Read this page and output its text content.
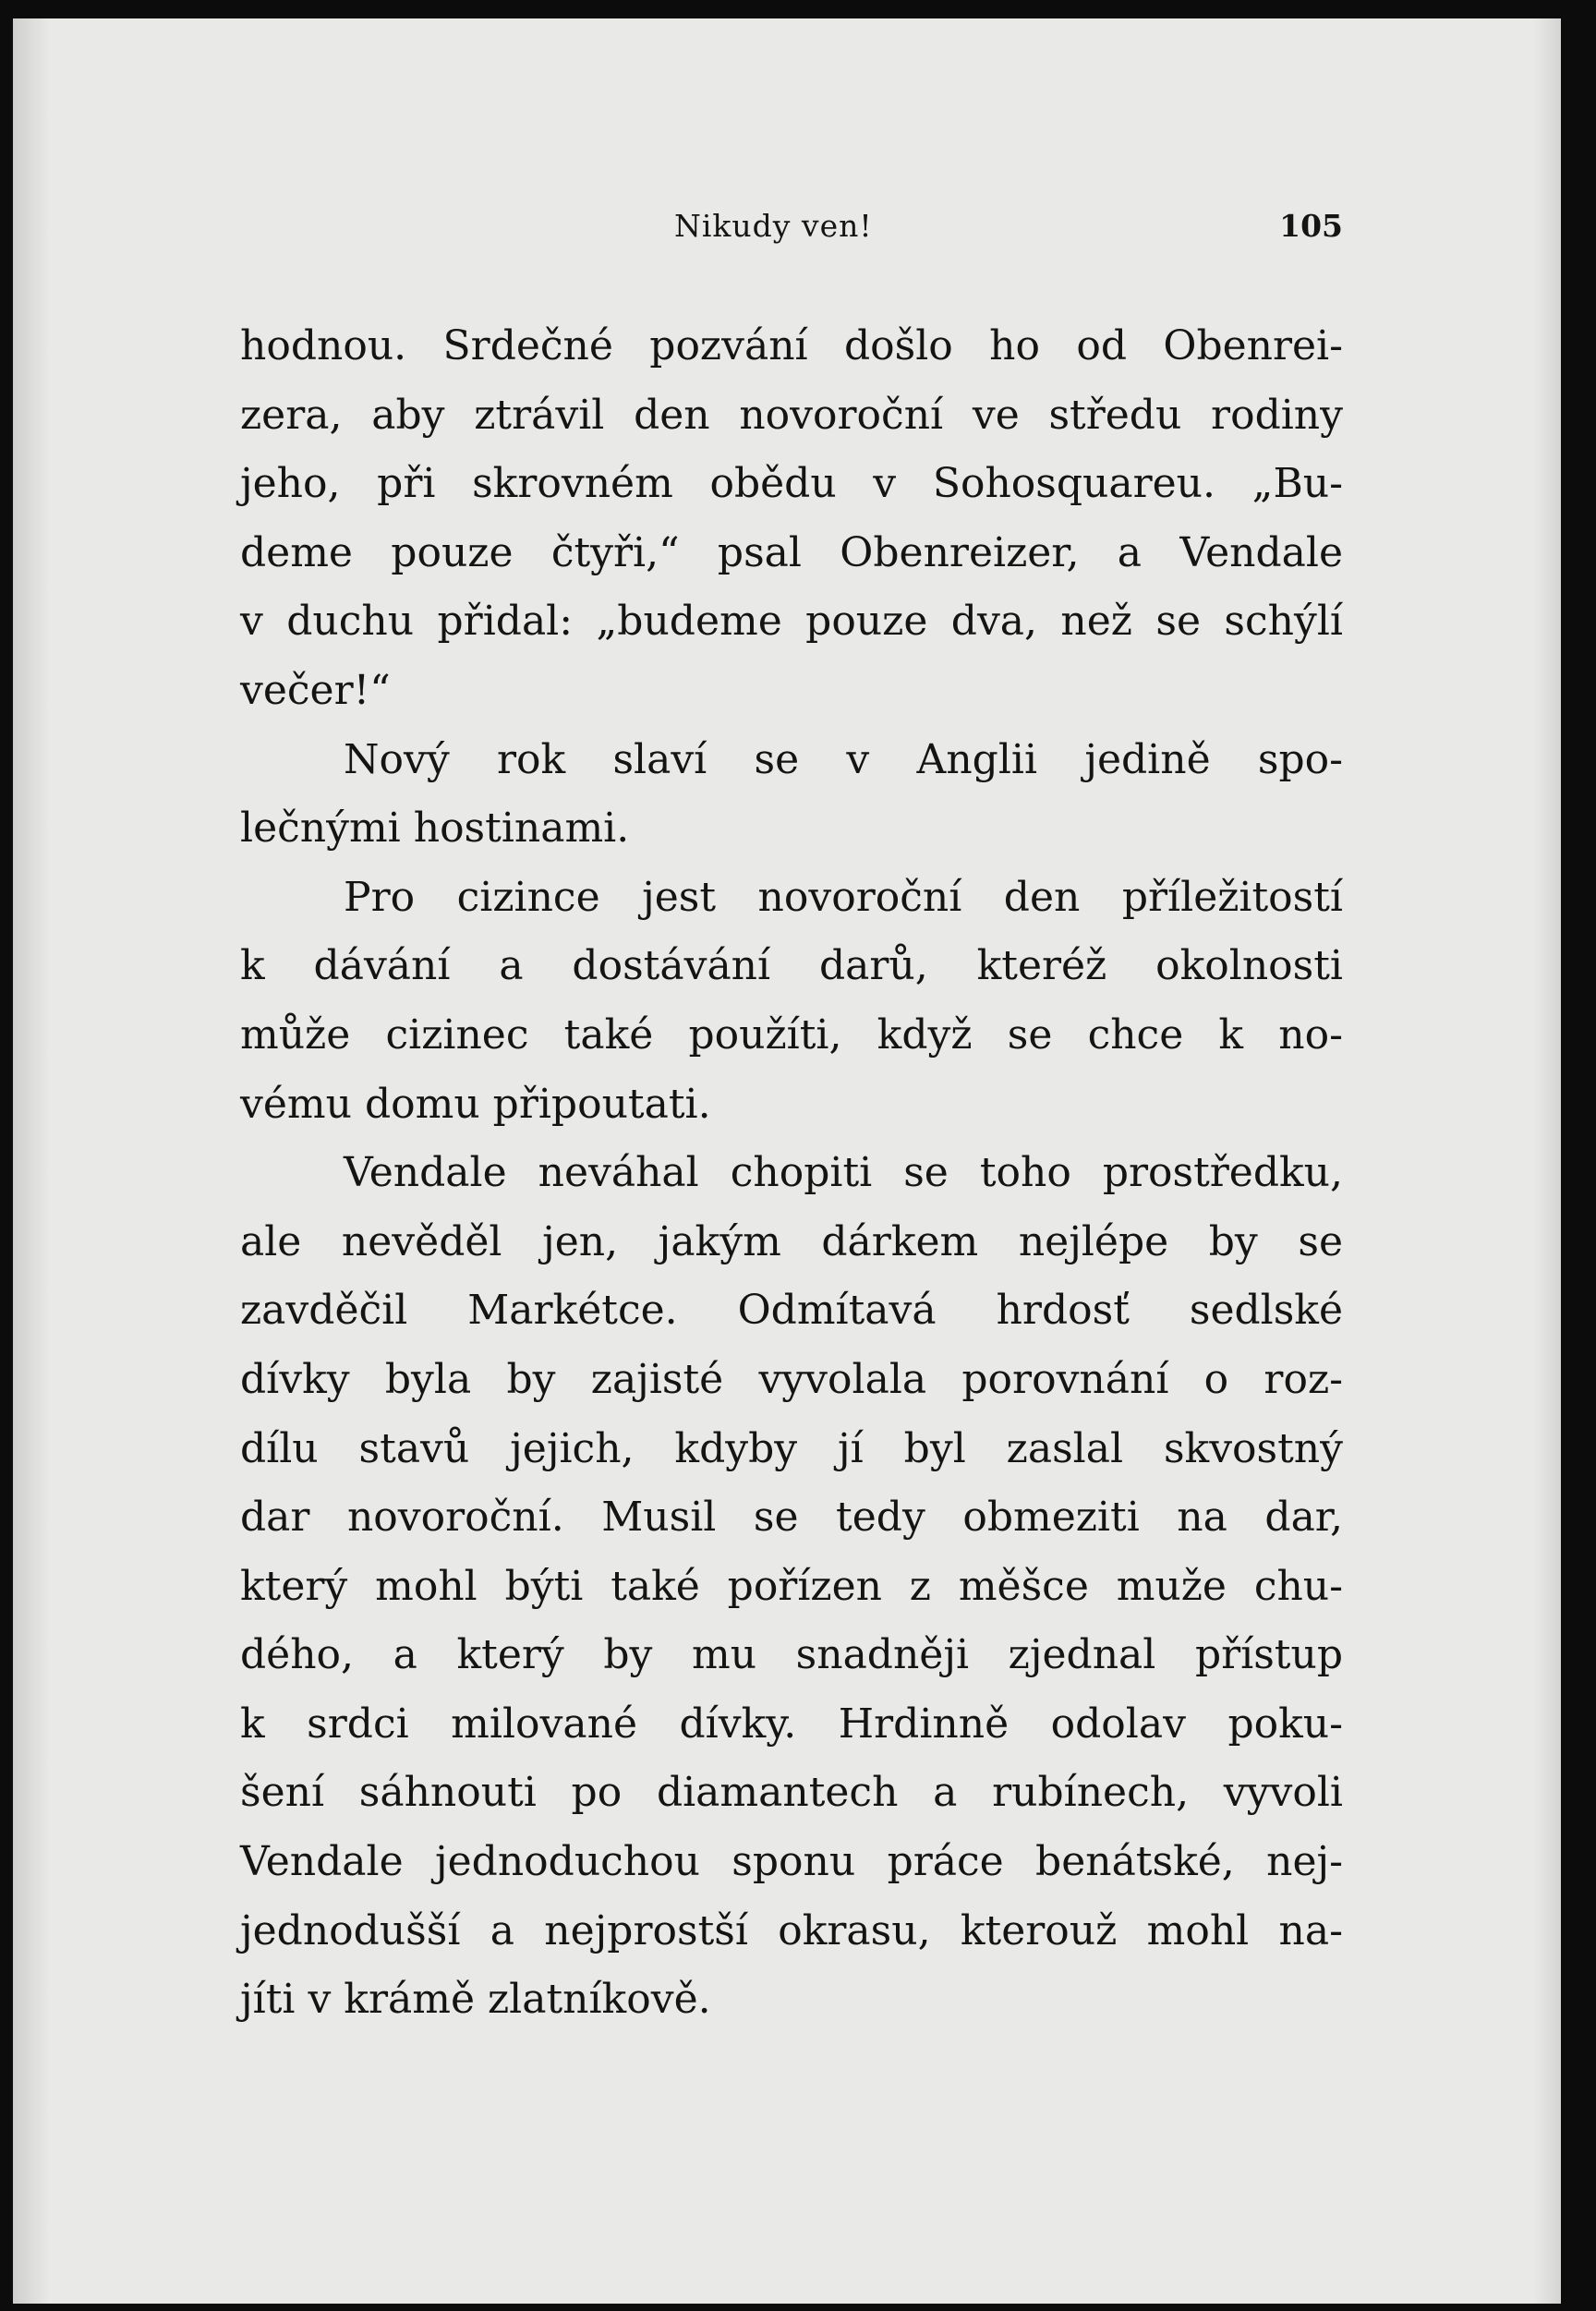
Nikudy ven!	105
hodnou. Srdečné pozvání došlo ho od Obenrei-
zera, aby ztrávil den novoroční ve středu rodiny
jeho, při skrovném obědu v Sohosquareu. „Bu-
deme pouze čtyři,“ psal Obenreizer, a Vendale
v duchu přidal: „budeme pouze dva, než se schýlí
večer!“
Nový rok slaví se v Anglii jedině spo-
lečnými hostinami.
Pro cizince jest novoroční den příležitostí
k dávání a dostávání darů, kteréž okolnosti
může cizinec také použíti, když se chce k no-
vému domu připoutati.
Vendale neváhal chopiti se toho prostředku,
ale nevěděl jen, jakým dárkem nejlépe by se
zavděčil Markétce. Odmítavá hrdosť sedlské
dívky byla by zajisté vyvolala porovnání o roz-
dílu stavů jejich, kdyby jí byl zaslal skvostný
dar novoroční. Musil se tedy obmeziti na dar,
který mohl býti také pořízen z měšce muže chu-
dého, a který by mu snadněji zjednal přístup
k srdci milované dívky. Hrdinně odolav poku-
šení sáhnouti po diamantech a rubínech, vyvoli
Vendale jednoduchou sponu práce benátské, nej-
jednodušší a nejprostší okrasu, kterouž mohl na-
jíti v krámě zlatníkově.
